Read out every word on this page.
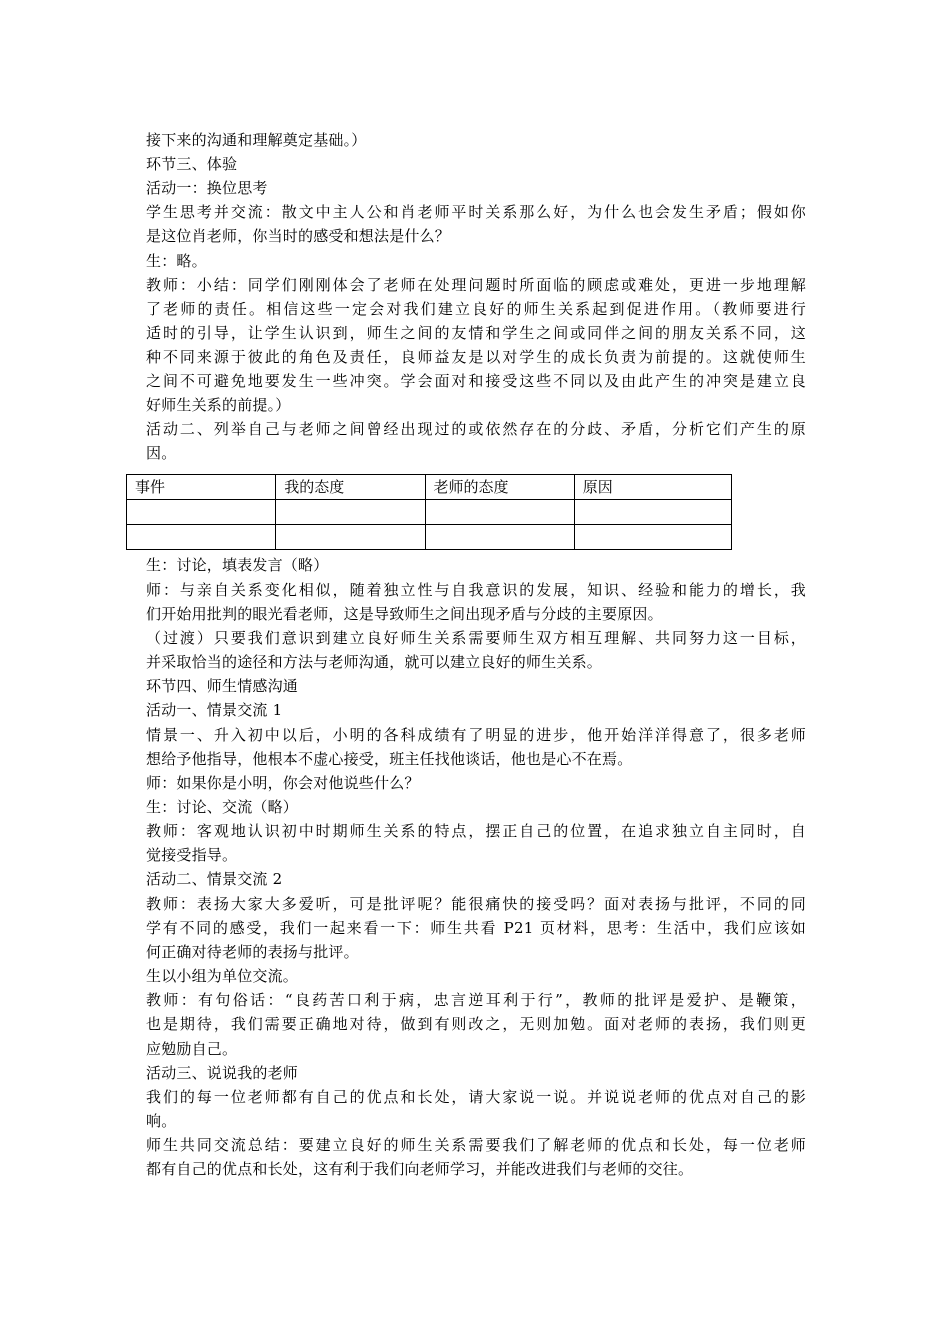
接下来的沟通和理解奠定基础。）
环节三、体验
活动一：换位思考
学生思考并交流：散文中主人公和肖老师平时关系那么好，为什么也会发生矛盾；假如你
是这位肖老师，你当时的感受和想法是什么？
生：略。
教师：小结：同学们刚刚体会了老师在处理问题时所面临的顾虑或难处，更进一步地理解
了老师的责任。相信这些一定会对我们建立良好的师生关系起到促进作用。（教师要进行
适时的引导，让学生认识到，师生之间的友情和学生之间或同伴之间的朋友关系不同，这
种不同来源于彼此的角色及责任，良师益友是以对学生的成长负责为前提的。这就使师生
之间不可避免地要发生一些冲突。学会面对和接受这些不同以及由此产生的冲突是建立良
好师生关系的前提。）
活动二、列举自己与老师之间曾经出现过的或依然存在的分歧、矛盾，分析它们产生的原
因。
事件	我的态度	老师的态度	原因

生：讨论，填表发言（略）
师：与亲自关系变化相似，随着独立性与自我意识的发展，知识、经验和能力的增长，我
们开始用批判的眼光看老师，这是导致师生之间出现矛盾与分歧的主要原因。
（过渡）只要我们意识到建立良好师生关系需要师生双方相互理解、共同努力这一目标，
并采取恰当的途径和方法与老师沟通，就可以建立良好的师生关系。
环节四、师生情感沟通
活动一、情景交流 1
情景一、升入初中以后，小明的各科成绩有了明显的进步，他开始洋洋得意了，很多老师
想给予他指导，他根本不虚心接受，班主任找他谈话，他也是心不在焉。
师：如果你是小明，你会对他说些什么？
生：讨论、交流（略）
教师：客观地认识初中时期师生关系的特点，摆正自己的位置，在追求独立自主同时，自
觉接受指导。
活动二、情景交流 2
教师：表扬大家大多爱听，可是批评呢？能很痛快的接受吗？面对表扬与批评，不同的同
学有不同的感受，我们一起来看一下：师生共看 P21 页材料，思考：生活中，我们应该如
何正确对待老师的表扬与批评。
生以小组为单位交流。
教师：有句俗话：“良药苦口利于病，忠言逆耳利于行”，教师的批评是爱护、是鞭策，
也是期待，我们需要正确地对待，做到有则改之，无则加勉。面对老师的表扬，我们则更
应勉励自己。
活动三、说说我的老师
我们的每一位老师都有自己的优点和长处，请大家说一说。并说说老师的优点对自己的影
响。
师生共同交流总结：要建立良好的师生关系需要我们了解老师的优点和长处，每一位老师
都有自己的优点和长处，这有利于我们向老师学习，并能改进我们与老师的交往。
